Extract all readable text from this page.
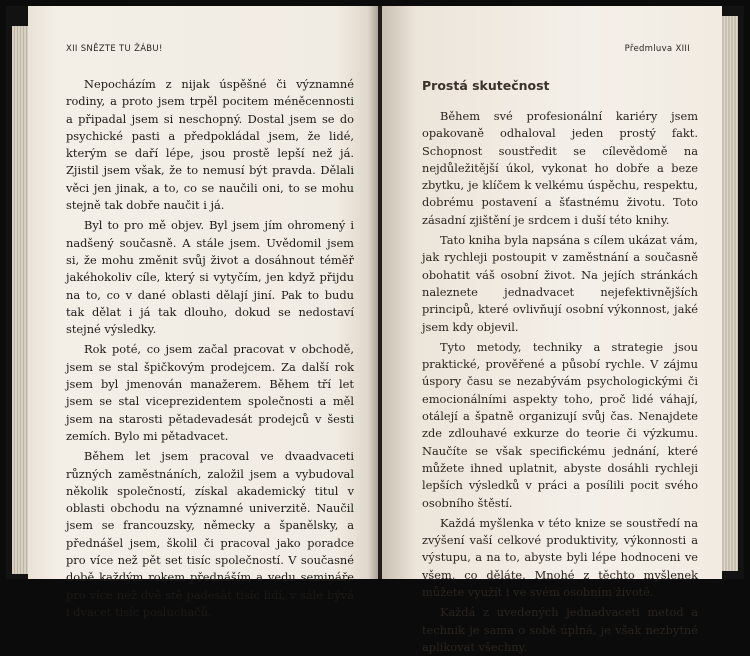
XII SNĚZTE TU ŽÁBU!

Nepocházím z nijak úspěšné či významné rodiny, a proto jsem trpěl pocitem méněcennosti a připadal jsem si neschopný. Dostal jsem se do psychické pasti a předpokládal jsem, že lidé, kterým se daří lépe, jsou prostě lepší než já. Zjistil jsem však, že to nemusí být pravda. Dělali věci jen jinak, a to, co se naučili oni, to se mohu stejně tak dobře naučit i já.

Byl to pro mě objev. Byl jsem jím ohromený i nadšený současně. A stále jsem. Uvědomil jsem si, že mohu změnit svůj život a dosáhnout téměř jakéhokoliv cíle, který si vytyčím, jen když přijdu na to, co v dané oblasti dělají jiní. Pak to budu tak dělat i já tak dlouho, dokud se nedostaví stejné výsledky.

Rok poté, co jsem začal pracovat v obchodě, jsem se stal špičkovým prodejcem. Za další rok jsem byl jmenován manažerem. Během tří let jsem se stal viceprezidentem společnosti a měl jsem na starosti pětadevadesát prodejců v šesti zemích. Bylo mi pětadvacet.

Během let jsem pracoval ve dvaadvaceti různých zaměstnáních, založil jsem a vybudoval několik společností, získal akademický titul v oblasti obchodu na významné univerzitě. Naučil jsem se francouzsky, německy a španělsky, a přednášel jsem, školil či pracoval jako poradce pro více než pět set tisíc společností. V současné době každým rokem přednáším a vedu semináře pro více než dvě stě padesát tisíc lidí, v sále bývá i dvacet tisíc posluchačů.

Předmluva XIII
Prostá skutečnost

Během své profesionální kariéry jsem opakovaně odhaloval jeden prostý fakt. Schopnost soustředit se cílevědomě na nejdůležitější úkol, vykonat ho dobře a beze zbytku, je klíčem k velkému úspěchu, respektu, dobrému postavení a šťastnému životu. Toto zásadní zjištění je srdcem i duší této knihy.

Tato kniha byla napsána s cílem ukázat vám, jak rychleji postoupit v zaměstnání a současně obohatit váš osobní život. Na jejích stránkách naleznete jednadvacet nejefektivnějších principů, které ovlivňují osobní výkonnost, jaké jsem kdy objevil.

Tyto metody, techniky a strategie jsou praktické, prověřené a působí rychle. V zájmu úspory času se nezabývám psychologickými či emocionálními aspekty toho, proč lidé váhají, otálejí a špatně organizují svůj čas. Nenajdete zde zdlouhavé exkurze do teorie či výzkumu. Naučíte se však specifickému jednání, které můžete ihned uplatnit, abyste dosáhli rychleji lepších výsledků v práci a posílili pocit svého osobního štěstí.

Každá myšlenka v této knize se soustředí na zvýšení vaší celkové produktivity, výkonnosti a výstupu, a na to, abyste byli lépe hodnoceni ve všem, co děláte. Mnohé z těchto myšlenek můžete využít i ve svém osobním životě.

Každá z uvedených jednadvaceti metod a technik je sama o sobě úplná, je však nezbytné aplikovat všechny.
